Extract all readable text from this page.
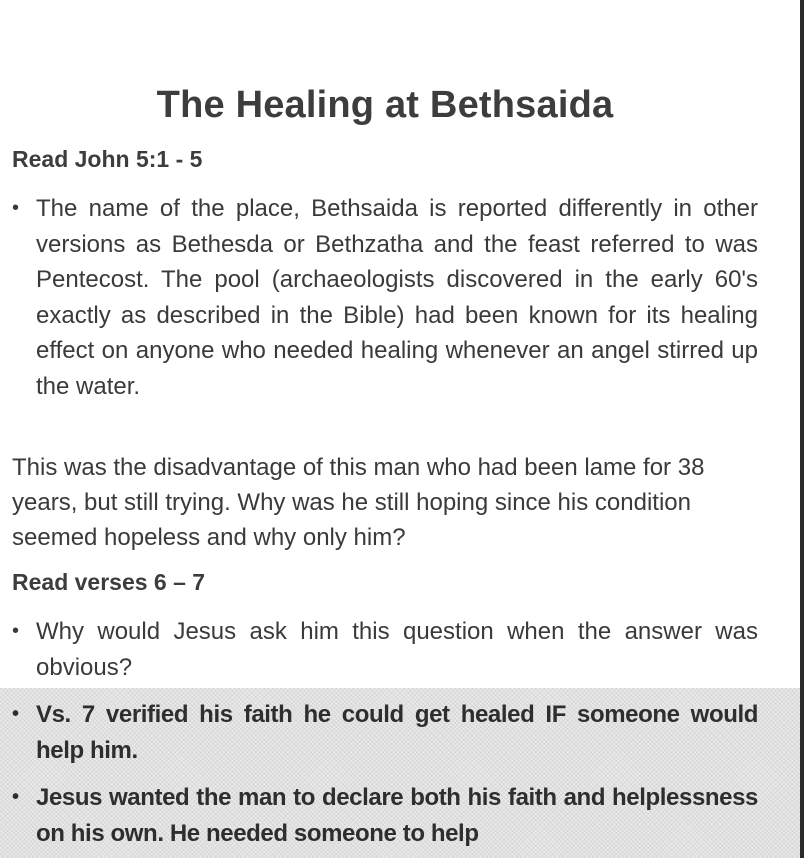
The Healing at Bethsaida
Read John 5:1 - 5
• The name of the place, Bethsaida is reported differently in other versions as Bethesda or Bethzatha and the feast referred to was Pentecost. The pool (archaeologists discovered in the early 60's exactly as described in the Bible) had been known for its healing effect on anyone who needed healing whenever an angel stirred up the water.
This was the disadvantage of this man who had been lame for 38 years, but still trying. Why was he still hoping since his condition seemed hopeless and why only him?
Read verses 6 – 7
• Why would Jesus ask him this question when the answer was obvious?
• Vs. 7 verified his faith he could get healed IF someone would help him.
• Jesus wanted the man to declare both his faith and helplessness on his own. He needed someone to help
